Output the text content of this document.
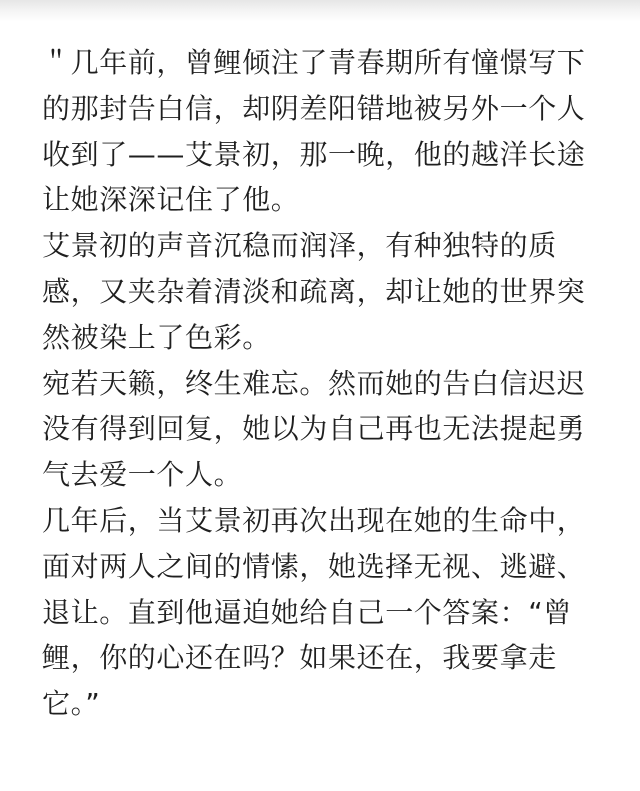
＂几年前，曾鲤倾注了青春期所有憧憬写下

的那封告白信，却阴差阳错地被另外一个人

收到了——艾景初，那一晚，他的越洋长途

让她深深记住了他。

艾景初的声音沉稳而润泽，有种独特的质

感，又夹杂着清淡和疏离，却让她的世界突

然被染上了色彩。

宛若天籁，终生难忘。然而她的告白信迟迟

没有得到回复，她以为自己再也无法提起勇

气去爱一个人。

几年后，当艾景初再次出现在她的生命中，

面对两人之间的情愫，她选择无视、逃避、

退让。直到他逼迫她给自己一个答案：“曾

鲤，你的心还在吗？如果还在，我要拿走

它。”
